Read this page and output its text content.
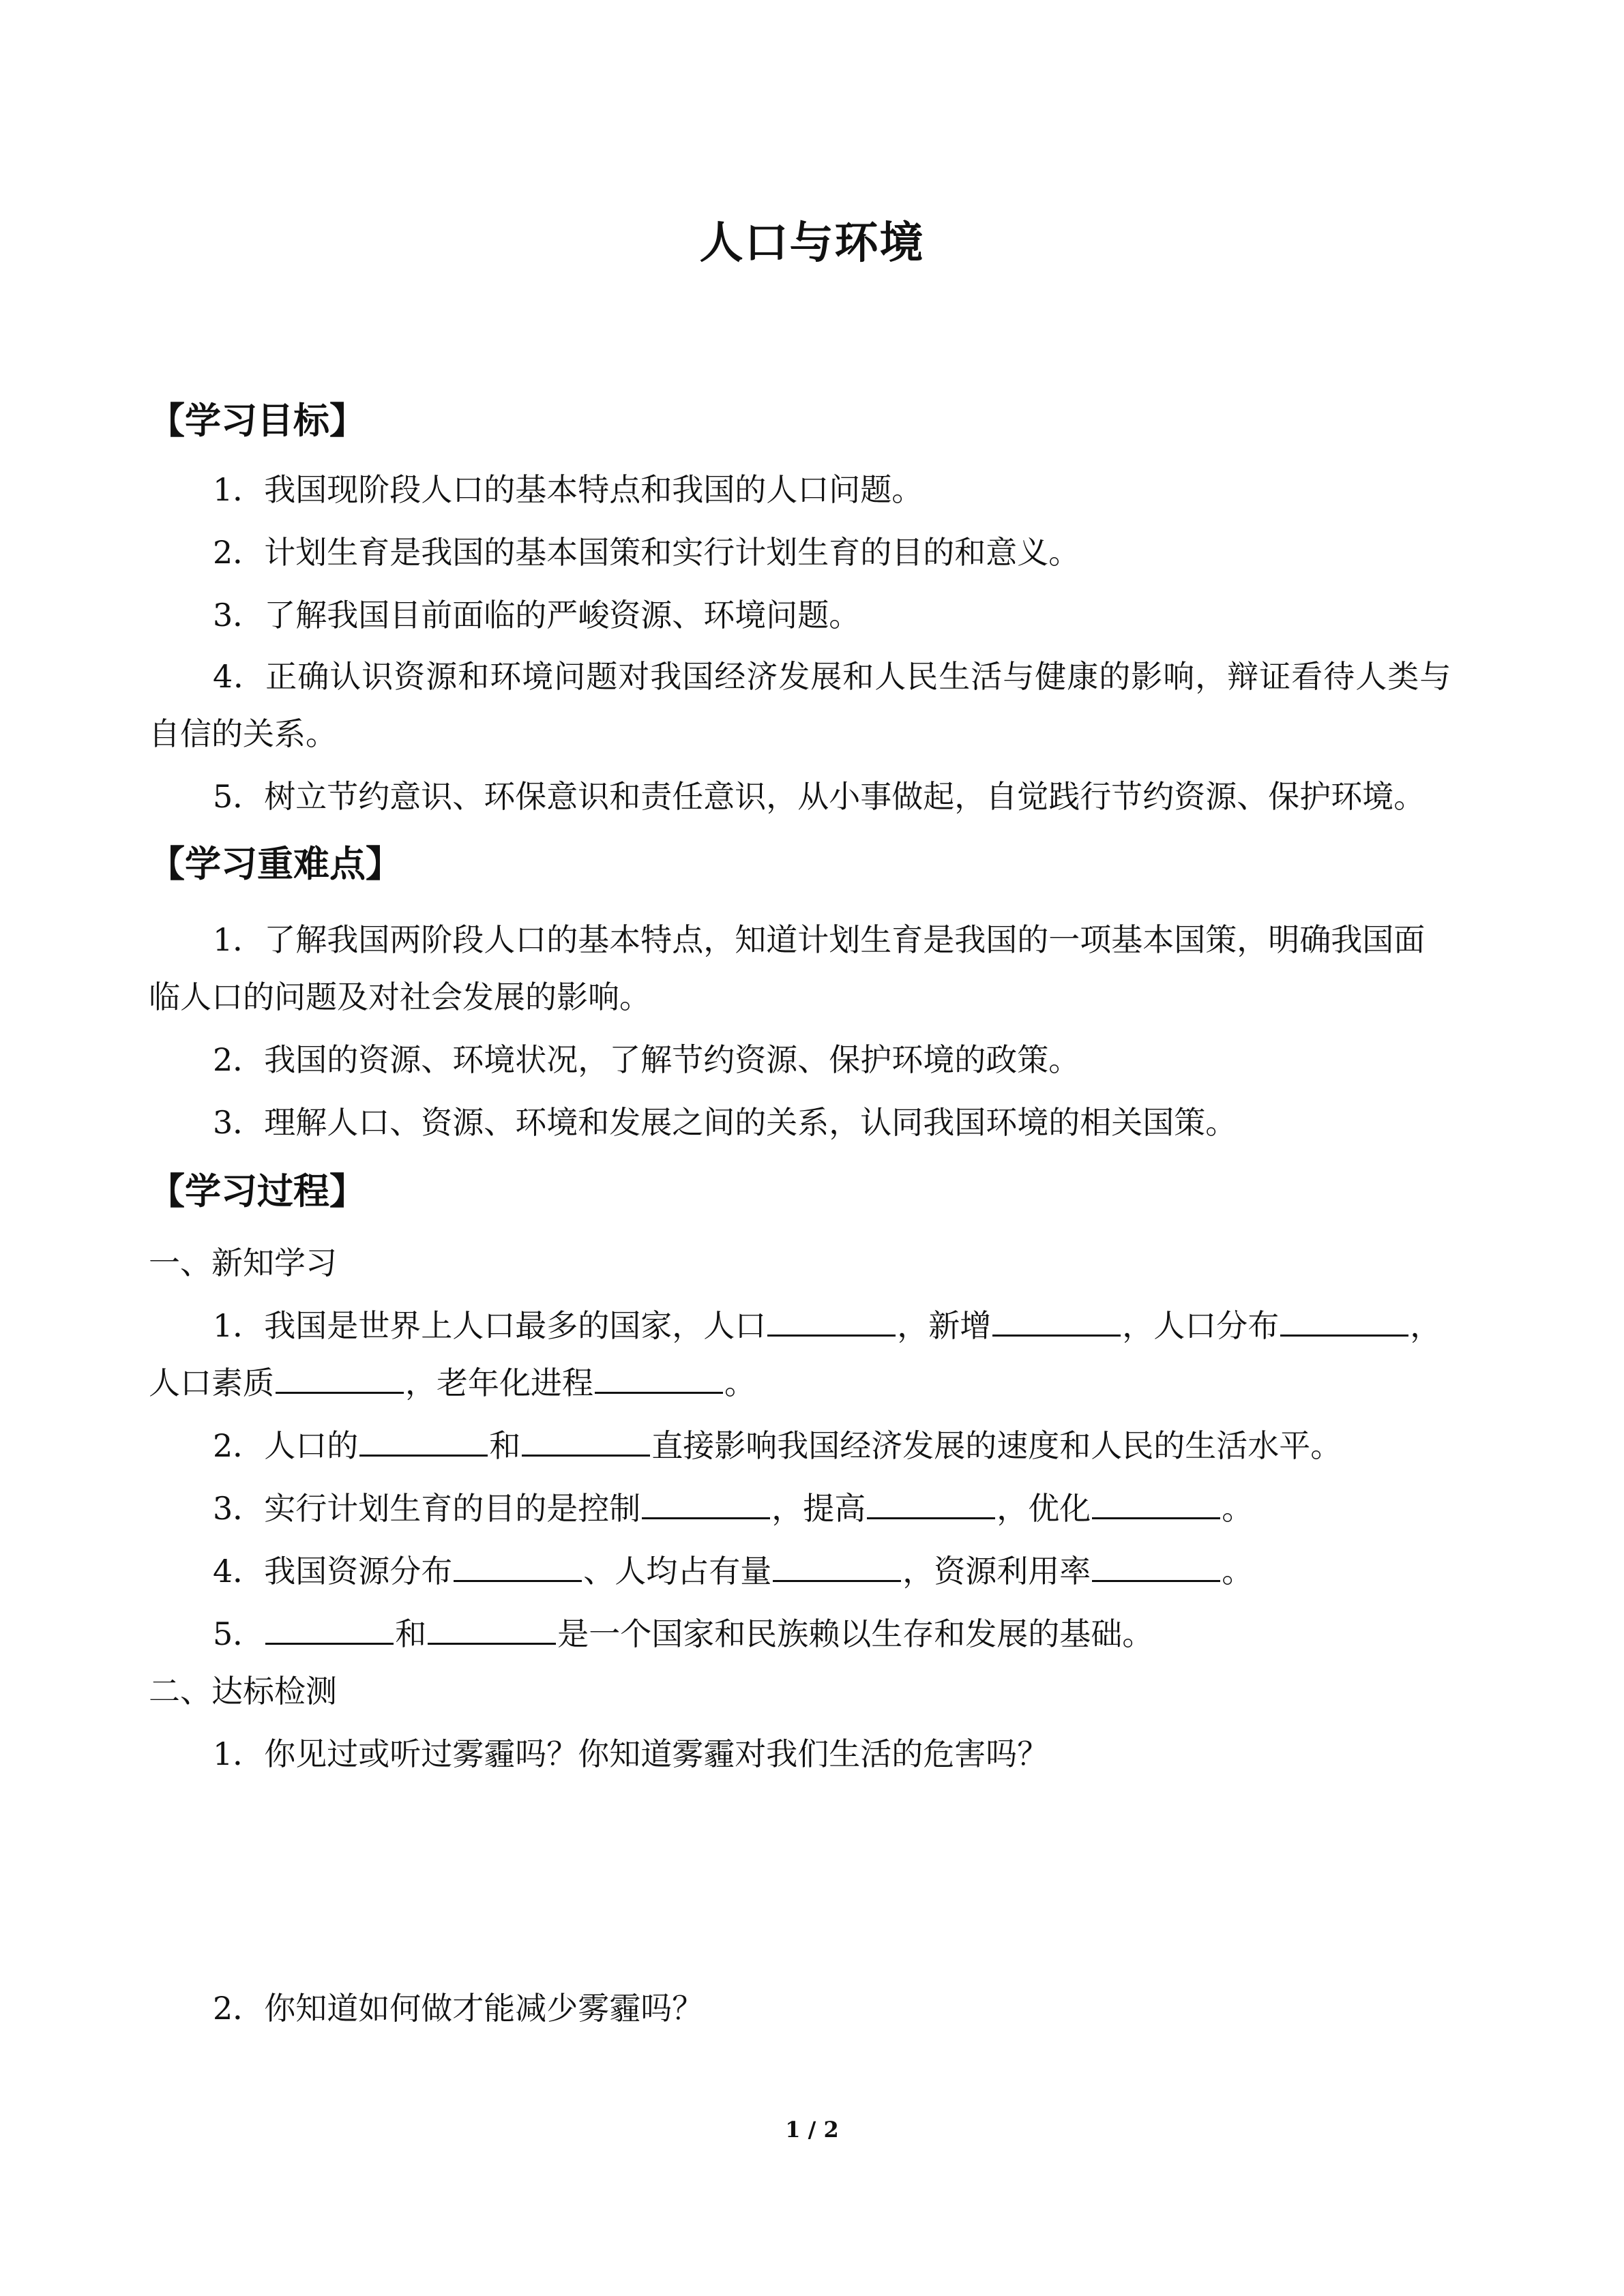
人口与环境
【学习目标】
1．我国现阶段人口的基本特点和我国的人口问题。
2．计划生育是我国的基本国策和实行计划生育的目的和意义。
3．了解我国目前面临的严峻资源、环境问题。
4．正确认识资源和环境问题对我国经济发展和人民生活与健康的影响，辩证看待人类与
自信的关系。
5．树立节约意识、环保意识和责任意识，从小事做起，自觉践行节约资源、保护环境。
【学习重难点】
1．了解我国两阶段人口的基本特点，知道计划生育是我国的一项基本国策，明确我国面
临人口的问题及对社会发展的影响。
2．我国的资源、环境状况，了解节约资源、保护环境的政策。
3．理解人口、资源、环境和发展之间的关系，认同我国环境的相关国策。
【学习过程】
一、新知学习
1．我国是世界上人口最多的国家，人口	，新增	，人口分布	，
人口素质	，老年化进程	。
2．人口的	和	直接影响我国经济发展的速度和人民的生活水平。
3．实行计划生育的目的是控制	，提高	，优化	。
4．我国资源分布	、人均占有量	，资源利用率	。
5．	和	是一个国家和民族赖以生存和发展的基础。
二、达标检测
1．你见过或听过雾霾吗？你知道雾霾对我们生活的危害吗？
2．你知道如何做才能减少雾霾吗？
1 / 2
